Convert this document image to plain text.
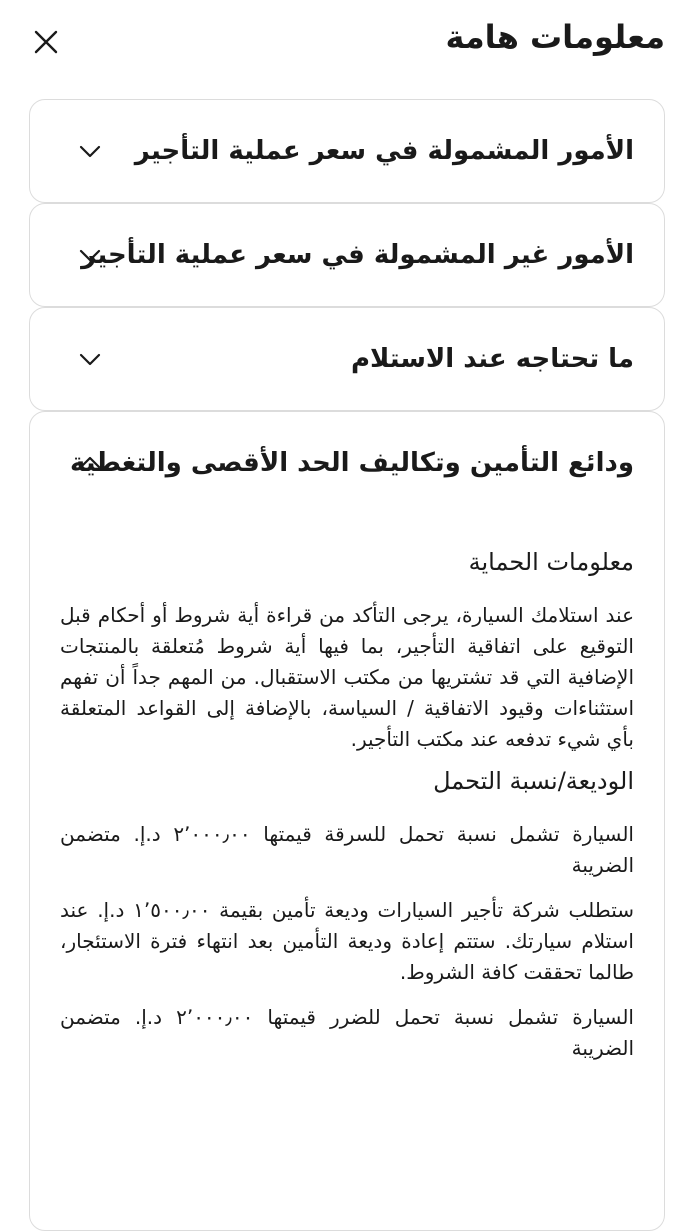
معلومات هامة
الأمور المشمولة في سعر عملية التأجير
الأمور غير المشمولة في سعر عملية التأجير
ما تحتاجه عند الاستلام
ودائع التأمين وتكاليف الحد الأقصى والتغطية
معلومات الحماية

عند استلامك السيارة، يرجى التأكد من قراءة أية شروط أو أحكام قبل التوقيع على اتفاقية التأجير، بما فيها أية شروط مُتعلقة بالمنتجات الإضافية التي قد تشتريها من مكتب الاستقبال. من المهم جداً أن تفهم استثناءات وقيود الاتفاقية / السياسة، بالإضافة إلى القواعد المتعلقة بأي شيء تدفعه عند مكتب التأجير.

الوديعة/نسبة التحمل

السيارة تشمل نسبة تحمل للسرقة قيمتها ٢٬٠٠٠٫٠٠ د.إ. متضمن الضريبة

ستطلب شركة تأجير السيارات وديعة تأمين بقيمة ١٬٥٠٠٫٠٠ د.إ. عند استلام سيارتك. ستتم إعادة وديعة التأمين بعد انتهاء فترة الاستئجار، طالما تحققت كافة الشروط.

السيارة تشمل نسبة تحمل للضرر قيمتها ٢٬٠٠٠٫٠٠ د.إ. متضمن الضريبة
